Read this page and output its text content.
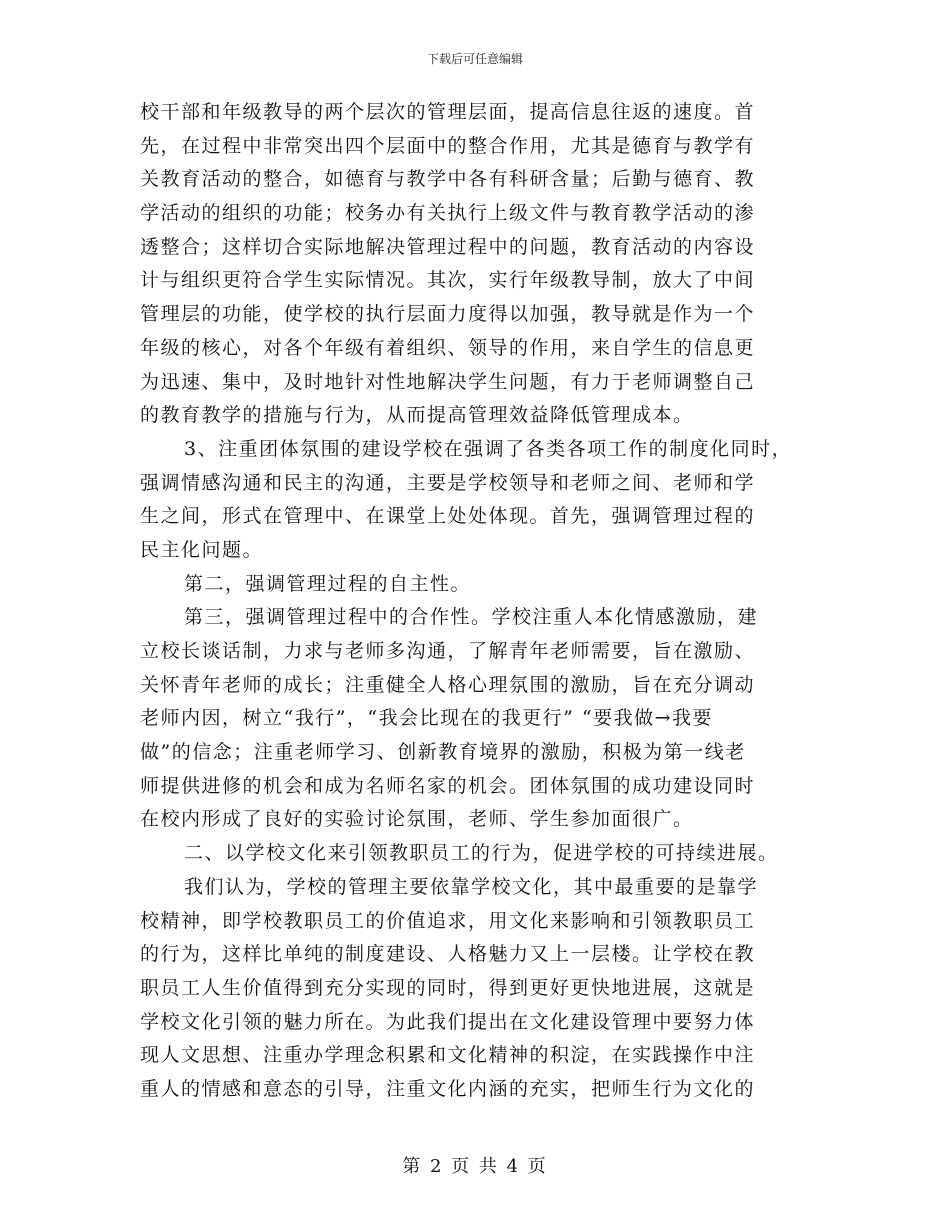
下载后可任意编辑
校干部和年级教导的两个层次的管理层面，提高信息往返的速度。首
先，在过程中非常突出四个层面中的整合作用，尤其是德育与教学有
关教育活动的整合，如德育与教学中各有科研含量；后勤与德育、教
学活动的组织的功能；校务办有关执行上级文件与教育教学活动的渗
透整合；这样切合实际地解决管理过程中的问题，教育活动的内容设
计与组织更符合学生实际情况。其次，实行年级教导制，放大了中间
管理层的功能，使学校的执行层面力度得以加强，教导就是作为一个
年级的核心，对各个年级有着组织、领导的作用，来自学生的信息更
为迅速、集中，及时地针对性地解决学生问题，有力于老师调整自己
的教育教学的措施与行为，从而提高管理效益降低管理成本。
3、注重团体氛围的建设学校在强调了各类各项工作的制度化同时，
强调情感沟通和民主的沟通，主要是学校领导和老师之间、老师和学
生之间，形式在管理中、在课堂上处处体现。首先，强调管理过程的
民主化问题。
第二，强调管理过程的自主性。
第三，强调管理过程中的合作性。学校注重人本化情感激励，建
立校长谈话制，力求与老师多沟通，了解青年老师需要，旨在激励、
关怀青年老师的成长；注重健全人格心理氛围的激励，旨在充分调动
老师内因，树立“我行”，“我会比现在的我更行” “要我做→我要
做”的信念；注重老师学习、创新教育境界的激励，积极为第一线老
师提供进修的机会和成为名师名家的机会。团体氛围的成功建设同时
在校内形成了良好的实验讨论氛围，老师、学生参加面很广。
二、以学校文化来引领教职员工的行为，促进学校的可持续进展。
我们认为，学校的管理主要依靠学校文化，其中最重要的是靠学
校精神，即学校教职员工的价值追求，用文化来影响和引领教职员工
的行为，这样比单纯的制度建设、人格魅力又上一层楼。让学校在教
职员工人生价值得到充分实现的同时，得到更好更快地进展，这就是
学校文化引领的魅力所在。为此我们提出在文化建设管理中要努力体
现人文思想、注重办学理念积累和文化精神的积淀，在实践操作中注
重人的情感和意态的引导，注重文化内涵的充实，把师生行为文化的
第 2 页 共 4 页
